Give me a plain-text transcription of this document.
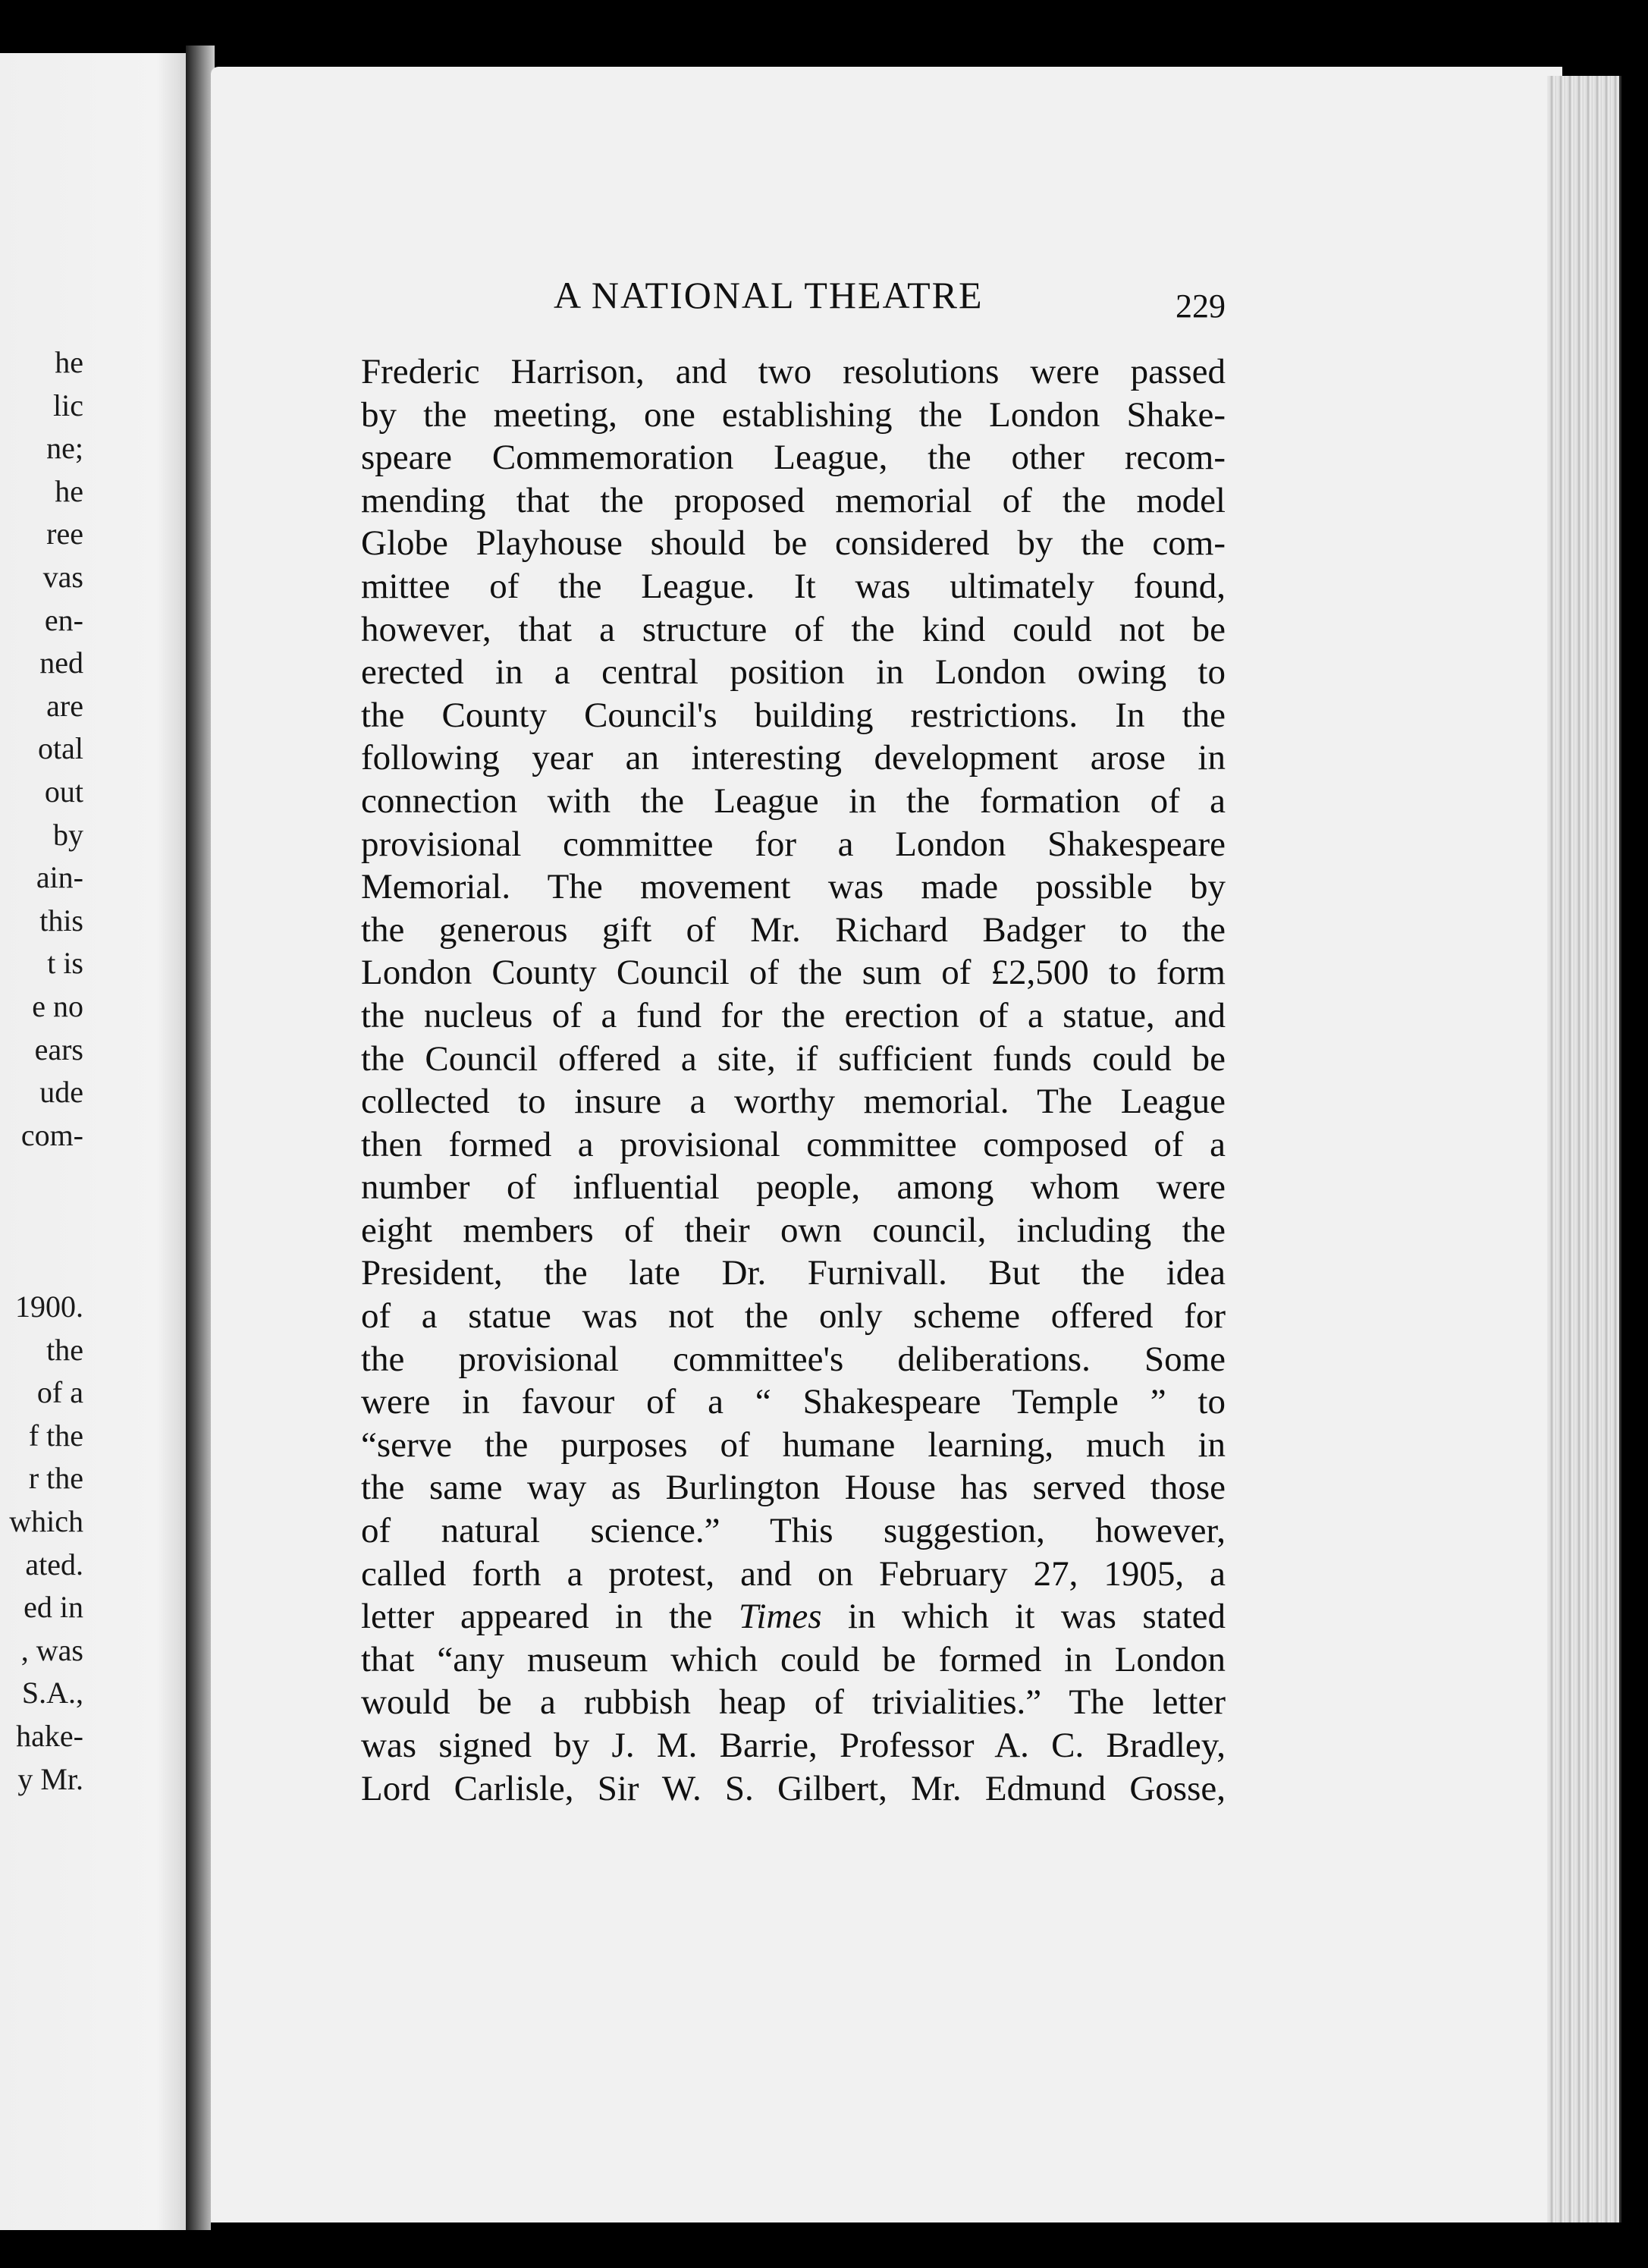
he
lic
ne;
he
ree
vas
en-
ned
are
otal
out
by
ain-
this
t is
e no
ears
ude
com-
1900.
the
of a
f the
r the
which
ated.
ed in
, was
S.A.,
hake-
y Mr.
A NATIONAL THEATRE	229
Frederic Harrison, and two resolutions were passed
by the meeting, one establishing the London Shake-
speare Commemoration League, the other recom-
mending that the proposed memorial of the model
Globe Playhouse should be considered by the com-
mittee of the League. It was ultimately found,
however, that a structure of the kind could not be
erected in a central position in London owing to
the County Council's building restrictions. In the
following year an interesting development arose in
connection with the League in the formation of a
provisional committee for a London Shakespeare
Memorial. The movement was made possible by
the generous gift of Mr. Richard Badger to the
London County Council of the sum of £2,500 to form
the nucleus of a fund for the erection of a statue, and
the Council offered a site, if sufficient funds could be
collected to insure a worthy memorial. The League
then formed a provisional committee composed of a
number of influential people, among whom were
eight members of their own council, including the
President, the late Dr. Furnivall. But the idea
of a statue was not the only scheme offered for
the provisional committee's deliberations. Some
were in favour of a “ Shakespeare Temple ” to
“serve the purposes of humane learning, much in
the same way as Burlington House has served those
of natural science.” This suggestion, however,
called forth a protest, and on February 27, 1905, a
letter appeared in the Times in which it was stated
that “any museum which could be formed in London
would be a rubbish heap of trivialities.” The letter
was signed by J. M. Barrie, Professor A. C. Bradley,
Lord Carlisle, Sir W. S. Gilbert, Mr. Edmund Gosse,
